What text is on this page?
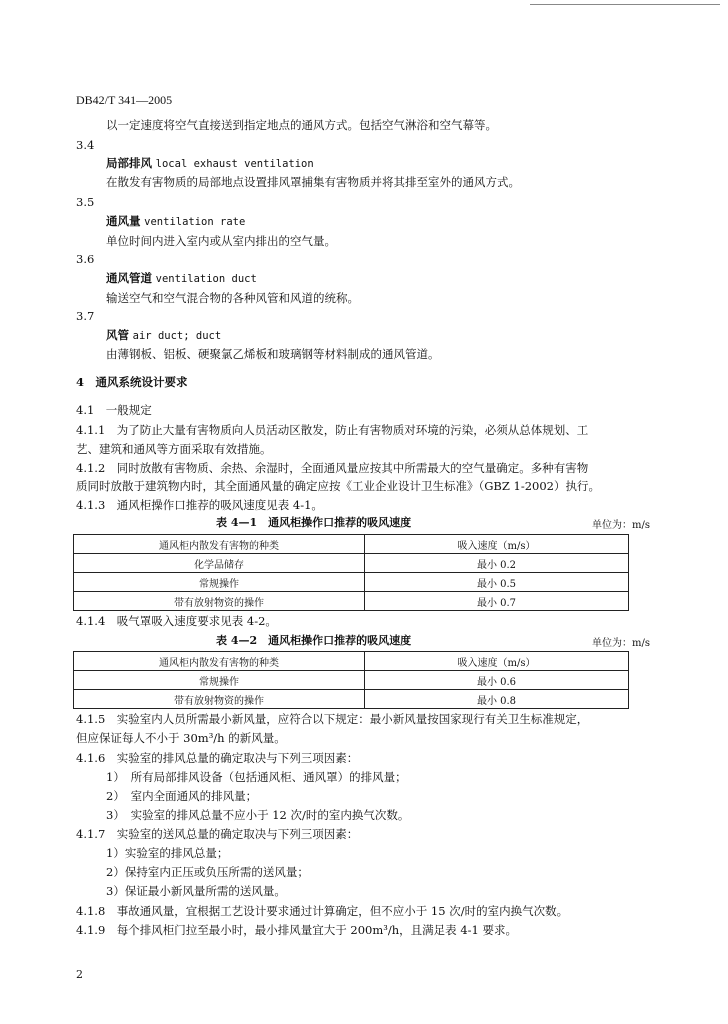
DB42/T 341—2005
以一定速度将空气直接送到指定地点的通风方式。包括空气淋浴和空气幕等。
3.4
局部排风 local exhaust ventilation
在散发有害物质的局部地点设置排风罩捕集有害物质并将其排至室外的通风方式。
3.5
通风量 ventilation rate
单位时间内进入室内或从室内排出的空气量。
3.6
通风管道 ventilation duct
输送空气和空气混合物的各种风管和风道的统称。
3.7
风管 air duct; duct
由薄钢板、铝板、硬聚氯乙烯板和玻璃钢等材料制成的通风管道。
4　通风系统设计要求
4.1　一般规定
4.1.1　为了防止大量有害物质向人员活动区散发，防止有害物质对环境的污染，必须从总体规划、工
艺、建筑和通风等方面采取有效措施。
4.1.2　同时放散有害物质、余热、余湿时，全面通风量应按其中所需最大的空气量确定。多种有害物
质同时放散于建筑物内时，其全面通风量的确定应按《工业企业设计卫生标准》（GBZ 1-2002）执行。
4.1.3　通风柜操作口推荐的吸风速度见表 4-1。
表 4—1　通风柜操作口推荐的吸风速度	单位为：m/s
通风柜内散发有害物的种类	吸入速度（m/s）
化学品储存	最小 0.2
常规操作	最小 0.5
带有放射物资的操作	最小 0.7
4.1.4　吸气罩吸入速度要求见表 4-2。
表 4—2　通风柜操作口推荐的吸风速度	单位为：m/s
通风柜内散发有害物的种类	吸入速度（m/s）
常规操作	最小 0.6
带有放射物资的操作	最小 0.8
4.1.5　实验室内人员所需最小新风量，应符合以下规定：最小新风量按国家现行有关卫生标准规定，
但应保证每人不小于 30m³/h 的新风量。
4.1.6　实验室的排风总量的确定取决与下列三项因素：
1）　所有局部排风设备（包括通风柜、通风罩）的排风量；
2）　室内全面通风的排风量；
3）　实验室的排风总量不应小于 12 次/时的室内换气次数。
4.1.7　实验室的送风总量的确定取决与下列三项因素：
1）实验室的排风总量；
2）保持室内正压或负压所需的送风量；
3）保证最小新风量所需的送风量。
4.1.8　事故通风量，宜根据工艺设计要求通过计算确定，但不应小于 15 次/时的室内换气次数。
4.1.9　每个排风柜门拉至最小时，最小排风量宜大于 200m³/h，且满足表 4-1 要求。
2
